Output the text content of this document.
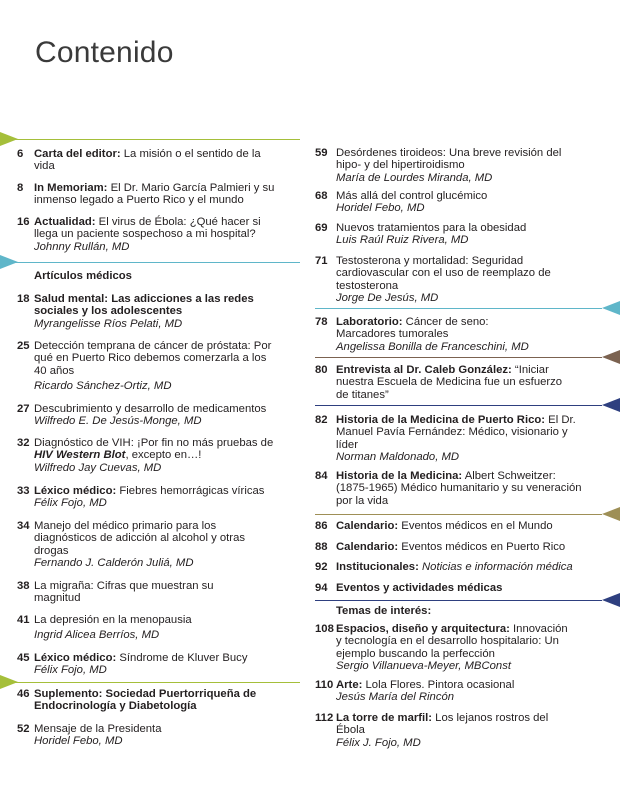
Contenido
6 Carta del editor: La misión o el sentido de la vida
8 In Memoriam: El Dr. Mario García Palmieri y su inmenso legado a Puerto Rico y el mundo
16 Actualidad: El virus de Ébola: ¿Qué hacer si llega un paciente sospechoso a mi hospital?
Johnny Rullán, MD
Artículos médicos
18 Salud mental: Las adicciones a las redes sociales y los adolescentes
Myrangelisse Ríos Pelati, MD
25 Detección temprana de cáncer de próstata: Por qué en Puerto Rico debemos comerzarla a los 40 años
Ricardo Sánchez-Ortiz, MD
27 Descubrimiento y desarrollo de medicamentos
Wilfredo E. De Jesús-Monge, MD
32 Diagnóstico de VIH: ¡Por fin no más pruebas de HIV Western Blot, excepto en…!
Wilfredo Jay Cuevas, MD
33 Léxico médico: Fiebres hemorrágicas víricas
Félix Fojo, MD
34 Manejo del médico primario para los diagnósticos de adicción al alcohol y otras drogas
Fernando J. Calderón Juliá, MD
38 La migraña: Cifras que muestran su magnitud
41 La depresión en la menopausia
Ingrid Alicea Berríos, MD
45 Léxico médico: Síndrome de Kluver Bucy
Félix Fojo, MD
46 Suplemento: Sociedad Puertorriqueña de Endocrinología y Diabetología
52 Mensaje de la Presidenta
Horidel Febo, MD
59 Desórdenes tiroideos: Una breve revisión del hipo- y del hipertiroidismo
María de Lourdes Miranda, MD
68 Más allá del control glucémico
Horidel Febo, MD
69 Nuevos tratamientos para la obesidad
Luis Raúl Ruiz Rivera, MD
71 Testosterona y mortalidad: Seguridad cardiovascular con el uso de reemplazo de testosterona
Jorge De Jesús, MD
78 Laboratorio: Cáncer de seno: Marcadores tumorales
Angelissa Bonilla de Franceschini, MD
80 Entrevista al Dr. Caleb González: “Iniciar nuestra Escuela de Medicina fue un esfuerzo de titanes”
82 Historia de la Medicina de Puerto Rico: El Dr. Manuel Pavía Fernández: Médico, visionario y líder
Norman Maldonado, MD
84 Historia de la Medicina: Albert Schweitzer: (1875-1965) Médico humanitario y su veneración por la vida
86 Calendario: Eventos médicos en el Mundo
88 Calendario: Eventos médicos en Puerto Rico
92 Institucionales: Noticias e información médica
94 Eventos y actividades médicas
Temas de interés:
108 Espacios, diseño y arquitectura: Innovación y tecnología en el desarrollo hospitalario: Un ejemplo buscando la perfección
Sergio Villanueva-Meyer, MBConst
110 Arte: Lola Flores. Pintora ocasional
Jesús María del Rincón
112 La torre de marfil: Los lejanos rostros del Ébola
Félix J. Fojo, MD
